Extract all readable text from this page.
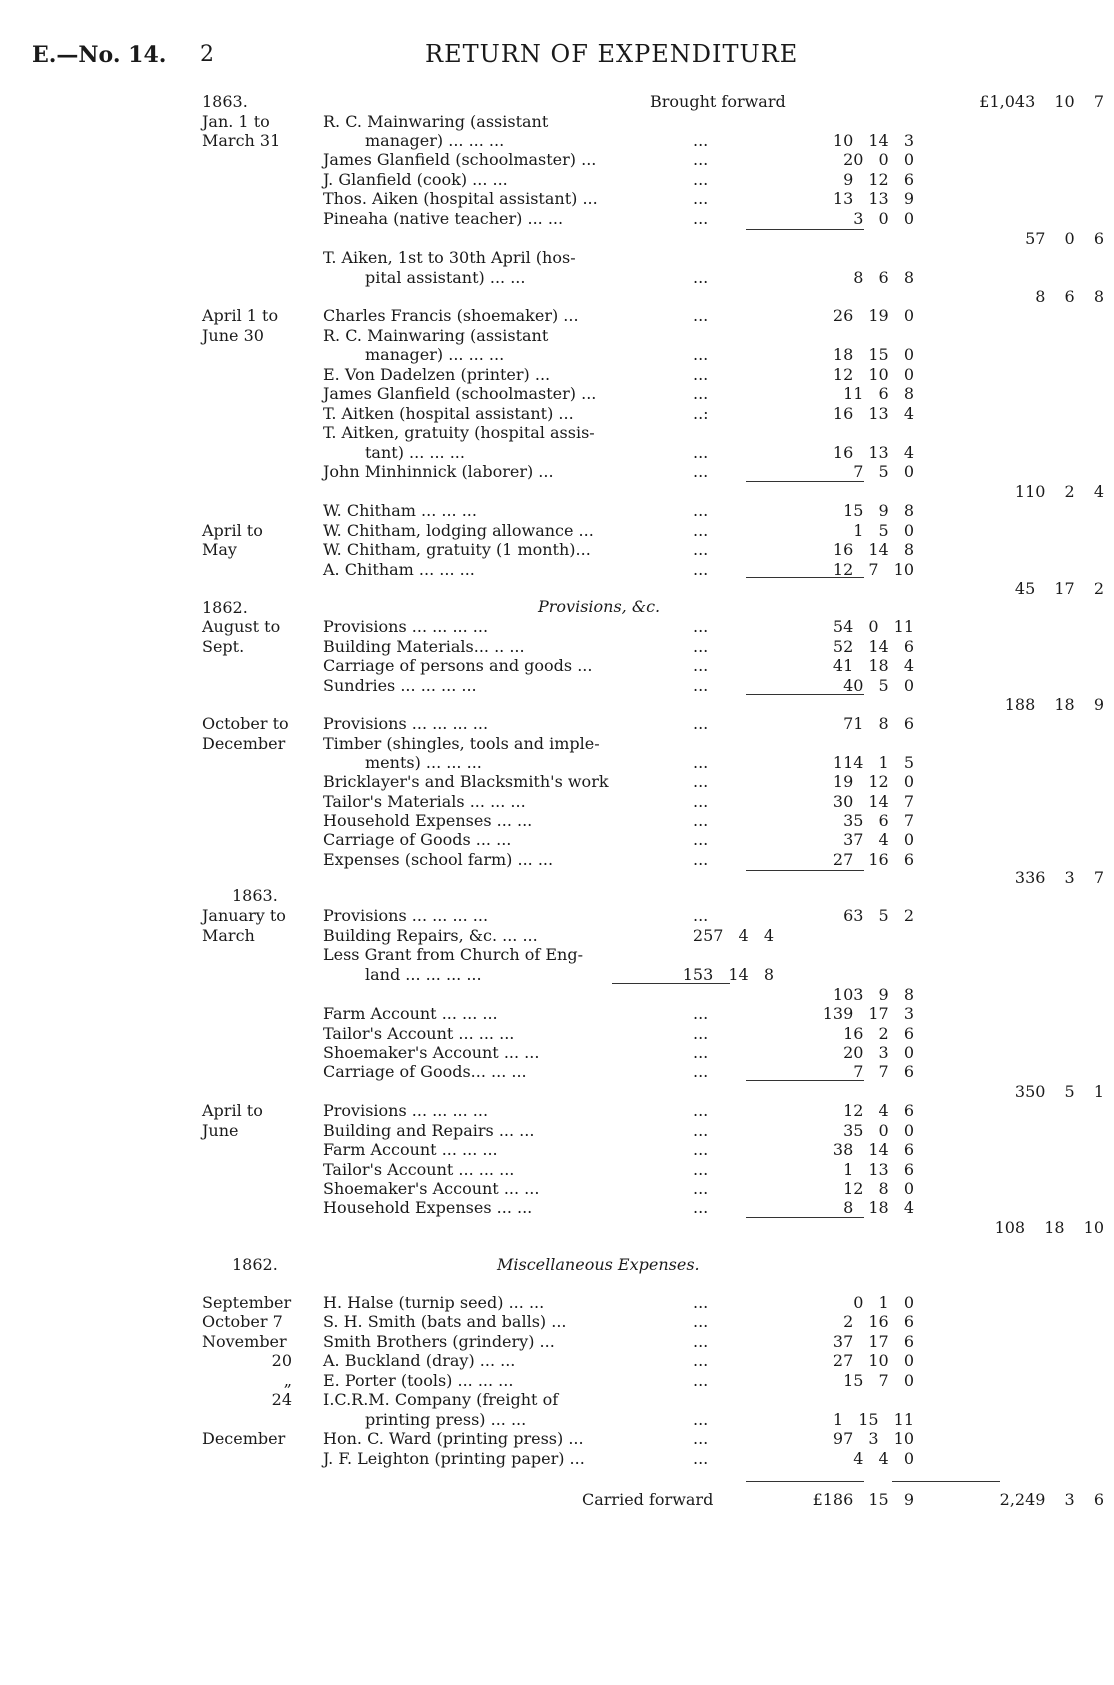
E.—No. 14. 2	RETURN OF EXPENDITURE
Brought forward	£1,043 10 7
1863.
Jan. 1 to	R. C. Mainwaring (assistant
March 31	manager) ... ... ...	...	10 14 3
James Glanfield (schoolmaster) ...	...	20 0 0
J. Glanfield (cook) ... ...	...	9 12 6
Thos. Aiken (hospital assistant) ...	...	13 13 9
Pineaha (native teacher) ... ...	...	3 0 0
57 0 6
T. Aiken, 1st to 30th April (hos-
pital assistant) ... ...	...	8 6 8
8 6 8
April 1 to	Charles Francis (shoemaker) ...	...	26 19 0
June 30	R. C. Mainwaring (assistant
manager) ... ... ...	...	18 15 0
E. Von Dadelzen (printer) ...	...	12 10 0
James Glanfield (schoolmaster) ...	...	11 6 8
T. Aitken (hospital assistant) ...	..:	16 13 4
T. Aitken, gratuity (hospital assis-
tant) ... ... ...	...	16 13 4
John Minhinnick (laborer) ...	...	7 5 0
110 2 4
W. Chitham ... ... ...	...	15 9 8
April to	W. Chitham, lodging allowance ...	...	1 5 0
May	W. Chitham, gratuity (1 month)...	...	16 14 8
A. Chitham ... ... ...	...	12 7 10
45 17 2
1862.
August to	Provisions ... ... ... ...	...	54 0 11
Sept.	Building Materials... .. ...	...	52 14 6
Carriage of persons and goods ...	...	41 18 4
Sundries ... ... ... ...	...	40 5 0
188 18 9
October to Provisions ... ... ... ...	...	71 8 6
December Timber (shingles, tools and imple-
ments) ... ... ...	...	114 1 5
Bricklayer's and Blacksmith's work	...	19 12 0
Tailor's Materials ... ... ...	...	30 14 7
Household Expenses ... ...	...	35 6 7
Carriage of Goods ... ...	...	37 4 0
Expenses (school farm) ... ...	...	27 16 6
336 3 7
1863.
January to Provisions ... ... ... ...	...	63 5 2
March	Building Repairs, &c. ... ...	257 4 4
Less Grant from Church of Eng-
land ... ... ... ...	153 14 8
103 9 8
Farm Account ... ... ...	...	139 17 3
Tailor's Account ... ... ...	...	16 2 6
Shoemaker's Account ... ...	...	20 3 0
Carriage of Goods... ... ...	...	7 7 6
350 5 1
April to	Provisions ... ... ... ...	...	12 4 6
June	Building and Repairs ... ...	...	35 0 0
Farm Account ... ... ...	...	38 14 6
Tailor's Account ... ... ...	...	1 13 6
Shoemaker's Account ... ...	...	12 8 0
Household Expenses ... ...	...	8 18 4
108 18 10
Provisions, &c.
1862.	Miscellaneous Expenses.
September H. Halse (turnip seed) ... ...	...	0 1 0
October 7	S. H. Smith (bats and balls) ...	...	2 16 6
November Smith Brothers (grindery) ...	...	37 17 6
20 A. Buckland (dray) ... ...	...	27 10 0
„ E. Porter (tools) ... ... ...	...	15 7 0
24 I.C.R.M. Company (freight of
printing press) ... ...	...	1 15 11
December Hon. C. Ward (printing press) ...	...	97 3 10
J. F. Leighton (printing paper) ...	...	4 4 0
Carried forward	£186 15 9	2,249 3 6
